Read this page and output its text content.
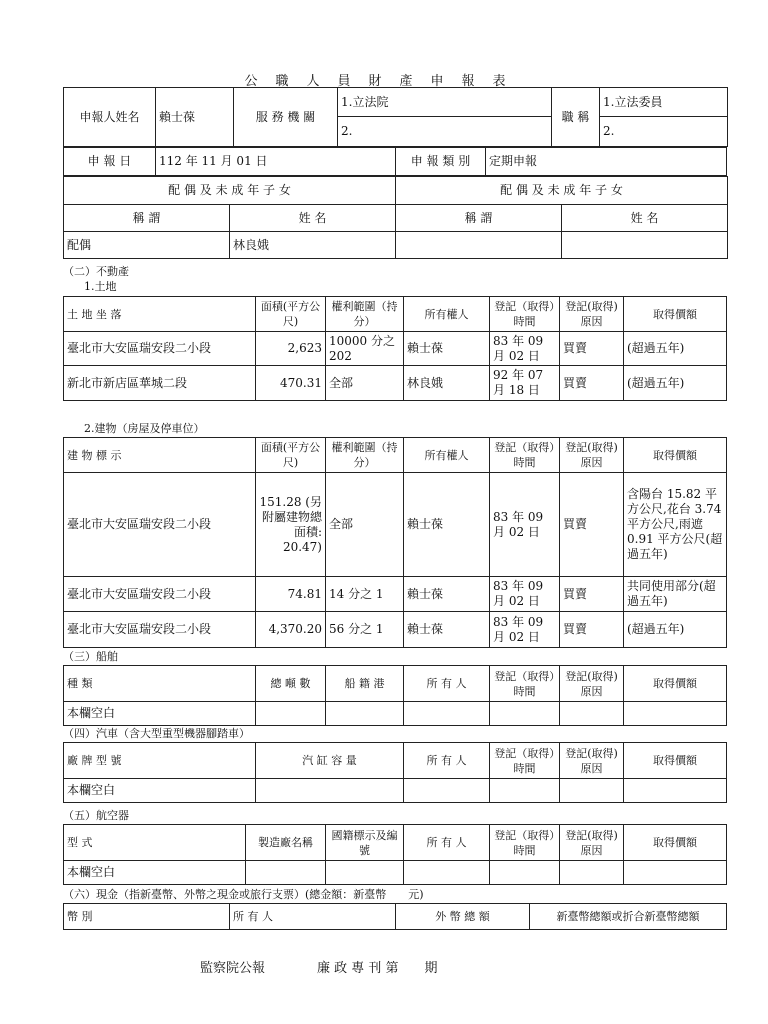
公職人員財產申報表
申報人姓名	賴士葆	服 務 機 關	1.立法院	職 稱	1.立法委員
			2.		2.
申 報 日	112 年 11 月 01 日	申 報 類 別	定期申報
配 偶 及 未 成 年 子 女		配 偶 及 未 成 年 子 女	
稱 謂	姓 名	稱 謂	姓 名
配偶	林良娥		
（二）不動產
1.土地
土 地 坐 落	面積(平方公　尺)	權利範圍（持分）	所有權人	登記（取得）時間	登記(取得)原因	取得價額
臺北市大安區瑞安段二小段	2,623	10000 分之 202	賴士葆	83 年 09 月 02 日	買賣	(超過五年)
新北市新店區華城二段	470.31	全部	林良娥	92 年 07 月 18 日	買賣	(超過五年)
2.建物（房屋及停車位）
建 物 標 示	面積(平方公　尺)	權利範圍（持分）	所有權人	登記（取得）時間	登記(取得)原因	取得價額
臺北市大安區瑞安段二小段	151.28 (另附屬建物總面積: 20.47)	全部	賴士葆	83 年 09 月 02 日	買賣	含陽台 15.82 平方公尺,花台 3.74 平方公尺,雨遮 0.91 平方公尺(超過五年)
臺北市大安區瑞安段二小段	74.81	14 分之 1	賴士葆	83 年 09 月 02 日	買賣	共同使用部分(超過五年)
臺北市大安區瑞安段二小段	4,370.20	56 分之 1	賴士葆	83 年 09 月 02 日	買賣	(超過五年)
（三）船舶
種 類	總 噸 數	船 籍 港	所 有 人	登記（取得）時間	登記(取得)原因	取得價額
本欄空白						
（四）汽車（含大型重型機器腳踏車）
廠 牌 型 號	汽 缸 容 量	所 有 人	登記（取得）時間	登記(取得)原因	取得價額
本欄空白					
（五）航空器
型 式	製造廠名稱	國籍標示及編號	所 有 人	登記（取得）時間	登記(取得)原因	取得價額
本欄空白						
（六）現金（指新臺幣、外幣之現金或旅行支票）(總金額：新臺幣　　元)
幣 別	所 有 人	外 幣 總 額	新臺幣總額或折合新臺幣總額
監察院公報　　　　	廉 政 專 刊 第　　期
